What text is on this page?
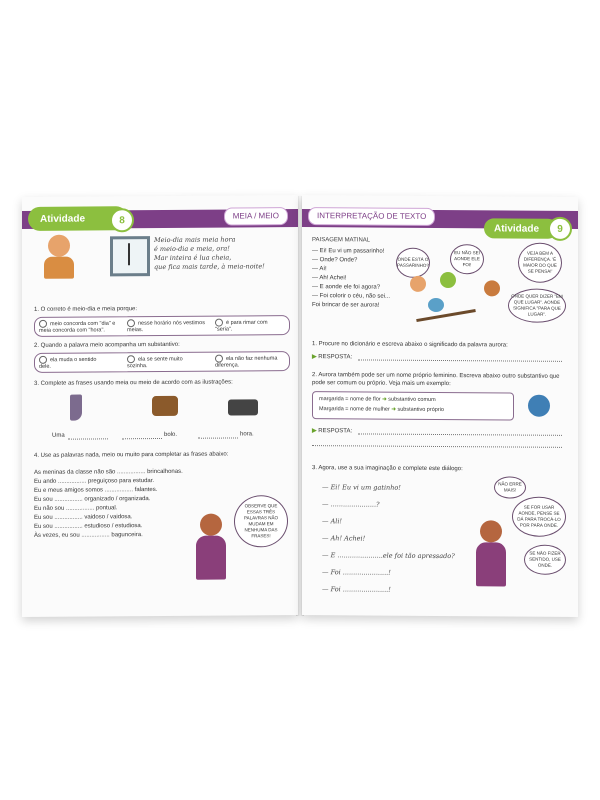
Atividade	8	MEIA / MEIO
Meio-dia mais meia hora
é meio-dia e meia, ora!
Mar inteira é lua cheia,
que fica mais tarde, à meia-noite!
1. O correto é meio-dia e meia porque:
meio concorda com "dia" e meia concorda com "hora".
nesse horário nós vestimos meias.
é para rimar com "seria".
2. Quando a palavra meio acompanha um substantivo:
ela muda o sentido dele.
ela se sente muito sozinha.
ela não faz nenhuma diferença.
3. Complete as frases usando meia ou meio de acordo com as ilustrações:
Uma	bolo.	hora.
4. Use as palavras nada, meio ou muito para completar as frases abaixo:
As meninas da classe não são ................. brincalhonas.
Eu ando ................. preguiçoso para estudar.
Eu e meus amigos somos ................. falantes.
Eu sou ................. organizado / organizada.
Eu não sou ................. pontual.
Eu sou ................. vaidoso / vaidosa.
Eu sou ................. estudioso / estudiosa.
Às vezes, eu sou ................. bagunceira.
OBSERVE QUE ESSAS TRÊS PALAVRAS NÃO MUDAM EM NENHUMA DAS FRASES!
INTERPRETAÇÃO DE TEXTO
Atividade	9
PAISAGEM MATINAL
— Ei! Eu vi um passarinho!
— Onde? Onde?
— Aí!
— Ah! Achei!
— E aonde ele foi agora?
— Foi colorir o céu, não sei...
Foi brincar de ser aurora!
ONDE ESTÁ O PASSARINHO?
EU NÃO SEI AONDE ELE FOI!
VEJA BEM A DIFERENÇA. 'É MAIOR DO QUE SE PENSA!'
ONDE QUER DIZER "EM QUE LUGAR". AONDE SIGNIFICA "PARA QUE LUGAR".
1. Procure no dicionário e escreva abaixo o significado da palavra aurora:
▶ RESPOSTA:
2. Aurora também pode ser um nome próprio feminino. Escreva abaixo outro substantivo que pode ser comum ou próprio. Veja mais um exemplo:
margarida = nome de flor ➜ substantivo comum
Margarida = nome de mulher ➜ substantivo próprio
▶ RESPOSTA:
3. Agora, use a sua imaginação e complete este diálogo:
— Ei! Eu vi um gatinho!
— ......................?
— Ali!
— Ah! Achei!
— E ......................ele foi tão apressado?
— Foi ......................!
— Foi ......................!
NÃO ERRE MAIS!
SE FOR USAR AONDE, PENSE SE DÁ PARA TROCÁ-LO POR PARA ONDE.
SE NÃO FIZER SENTIDO, USE ONDE.
